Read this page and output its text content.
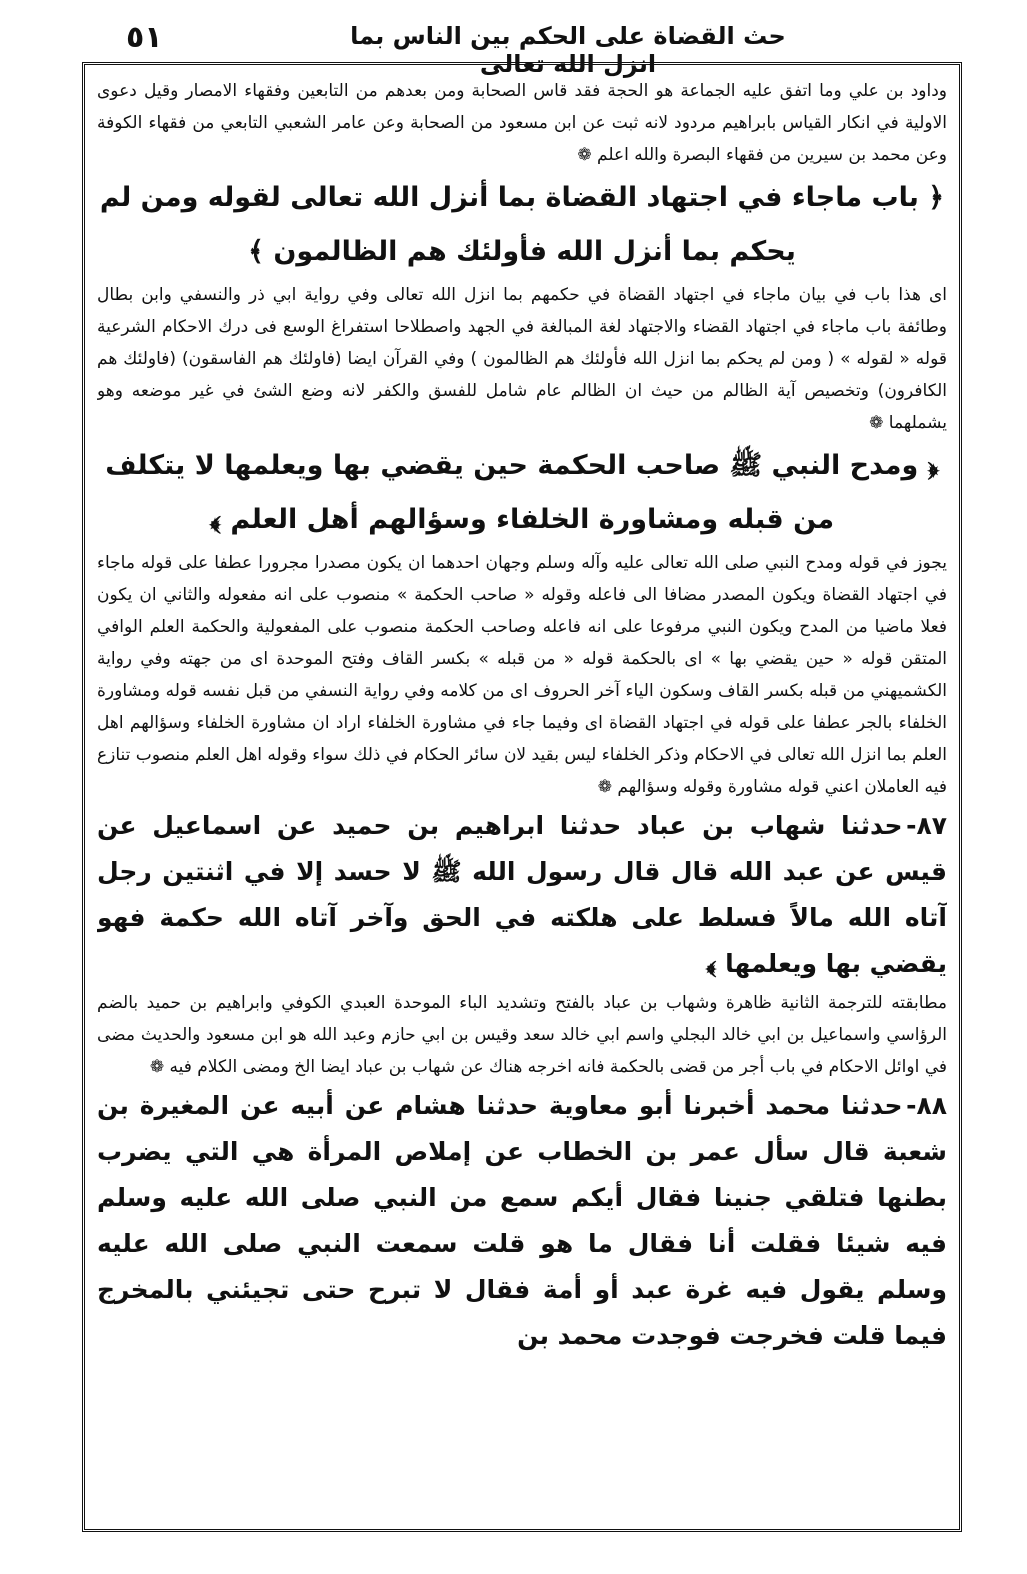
٥١	حث القضاة على الحكم بين الناس بما انزل الله تعالى

وداود بن علي وما اتفق عليه الجماعة هو الحجة فقد قاس الصحابة ومن بعدهم من التابعين وفقهاء الامصار وقيل دعوى الاولية في انكار القياس بابراهيم مردود لانه ثبت عن ابن مسعود من الصحابة وعن عامر الشعبي التابعي من فقهاء الكوفة وعن محمد بن سيرين من فقهاء البصرة والله اعلم ❁

﴿ باب ماجاء في اجتهاد القضاة بما أنزل الله تعالى لقوله ومن لم يحكم بما أنزل الله فأولئك هم الظالمون ﴾

اى هذا باب في بيان ماجاء في اجتهاد القضاة في حكمهم بما انزل الله تعالى وفي رواية ابي ذر والنسفي وابن بطال وطائفة باب ماجاء في اجتهاد القضاء والاجتهاد لغة المبالغة في الجهد واصطلاحا استفراغ الوسع فى درك الاحكام الشرعية قوله « لقوله » ( ومن لم يحكم بما انزل الله فأولئك هم الظالمون ) وفي القرآن ايضا (فاولئك هم الفاسقون) (فاولئك هم الكافرون) وتخصيص آية الظالم من حيث ان الظالم عام شامل للفسق والكفر لانه وضع الشئ في غير موضعه وهو يشملهما ❁

﴿ ومدح النبي ﷺ صاحب الحكمة حين يقضي بها ويعلمها لا يتكلف من قبله ومشاورة الخلفاء وسؤالهم أهل العلم ﴾

يجوز في قوله ومدح النبي صلى الله تعالى عليه وآله وسلم وجهان احدهما ان يكون مصدرا مجرورا عطفا على قوله ماجاء في اجتهاد القضاة ويكون المصدر مضافا الى فاعله وقوله « صاحب الحكمة » منصوب على انه مفعوله والثاني ان يكون فعلا ماضيا من المدح ويكون النبي مرفوعا على انه فاعله وصاحب الحكمة منصوب على المفعولية والحكمة العلم الوافي المتقن قوله « حين يقضي بها » اى بالحكمة قوله « من قبله » بكسر القاف وفتح الموحدة اى من جهته وفي رواية الكشميهني من قبله بكسر القاف وسكون الياء آخر الحروف اى من كلامه وفي رواية النسفي من قبل نفسه قوله ومشاورة الخلفاء بالجر عطفا على قوله في اجتهاد القضاة اى وفيما جاء في مشاورة الخلفاء اراد ان مشاورة الخلفاء وسؤالهم اهل العلم بما انزل الله تعالى في الاحكام وذكر الخلفاء ليس بقيد لان سائر الحكام في ذلك سواء وقوله اهل العلم منصوب تنازع فيه العاملان اعني قوله مشاورة وقوله وسؤالهم ❁

٨٧-حدثنا شهاب بن عباد حدثنا ابراهيم بن حميد عن اسماعيل عن قيس عن عبد الله قال قال رسول الله ﷺ لا حسد إلا في اثنتين رجل آتاه الله مالاً فسلط على هلكته في الحق وآخر آتاه الله حكمة فهو يقضي بها ويعلمها ﴾

مطابقته للترجمة الثانية ظاهرة وشهاب بن عباد بالفتح وتشديد الباء الموحدة العبدي الكوفي وابراهيم بن حميد بالضم الرؤاسي واسماعيل بن ابي خالد البجلي واسم ابي خالد سعد وقيس بن ابي حازم وعبد الله هو ابن مسعود والحديث مضى في اوائل الاحكام في باب أجر من قضى بالحكمة فانه اخرجه هناك عن شهاب بن عباد ايضا الخ ومضى الكلام فيه ❁

٨٨-حدثنا محمد أخبرنا أبو معاوية حدثنا هشام عن أبيه عن المغيرة بن شعبة قال سأل عمر بن الخطاب عن إملاص المرأة هي التي يضرب بطنها فتلقي جنينا فقال أيكم سمع من النبي صلى الله عليه وسلم فيه شيئا فقلت أنا فقال ما هو قلت سمعت النبي صلى الله عليه وسلم يقول فيه غرة عبد أو أمة فقال لا تبرح حتى تجيئني بالمخرج فيما قلت فخرجت فوجدت محمد بن
